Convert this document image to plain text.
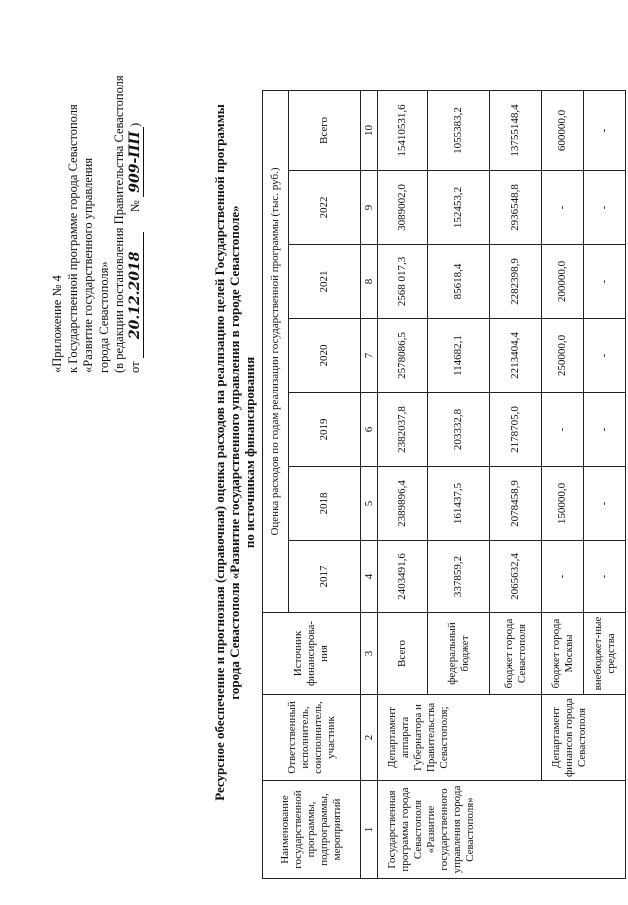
«Приложение № 4 к Государственной программе города Севастополя «Развитие государственного управления города Севастополя» (в редакции постановления Правительства Севастополя от 20.12.2018  № 909-ПП)	Ресурсное обеспечение и прогнозная (справочная) оценка расходов на реализацию целей Государственной программы города Севастополя «Развитие государственного управления в городе Севастополе» по источникам финансирования
Наименование государственной программы, подпрограммы, мероприятий	Ответственный исполнитель, соисполнитель, участник	Источник финансирова-ния	Оценка расходов по годам реализации государственной программы (тыс. руб.)						
			2017	2018	2019	2020	2021	2022	Всего
1	2	3	4	5	6	7	8	9	10
Государственная программа города Севастополя «Развитие государственного управления города Севастополя»	Департамент аппарата Губернатора и Правительства Севастополя;	Всего	2403491,6	2389896,4	2382037,8	2578086,5	2568 017,3	3089002,0	15410531,6
		федеральный бюджет	337859,2	161437,5	203332,8	114682,1	85618,4	152453,2	1055383,2
		бюджет города Севастополя	2065632,4	2078458,9	2178705,0	2213404,4	2282398,9	2936548,8	13755148,4
	Департамент финансов города Севастополя	бюджет города Москвы	-	150000,0	-	250000,0	200000,0	-	600000,0
		внебюджет-ные средства	-	-	-	-	-	-	-
